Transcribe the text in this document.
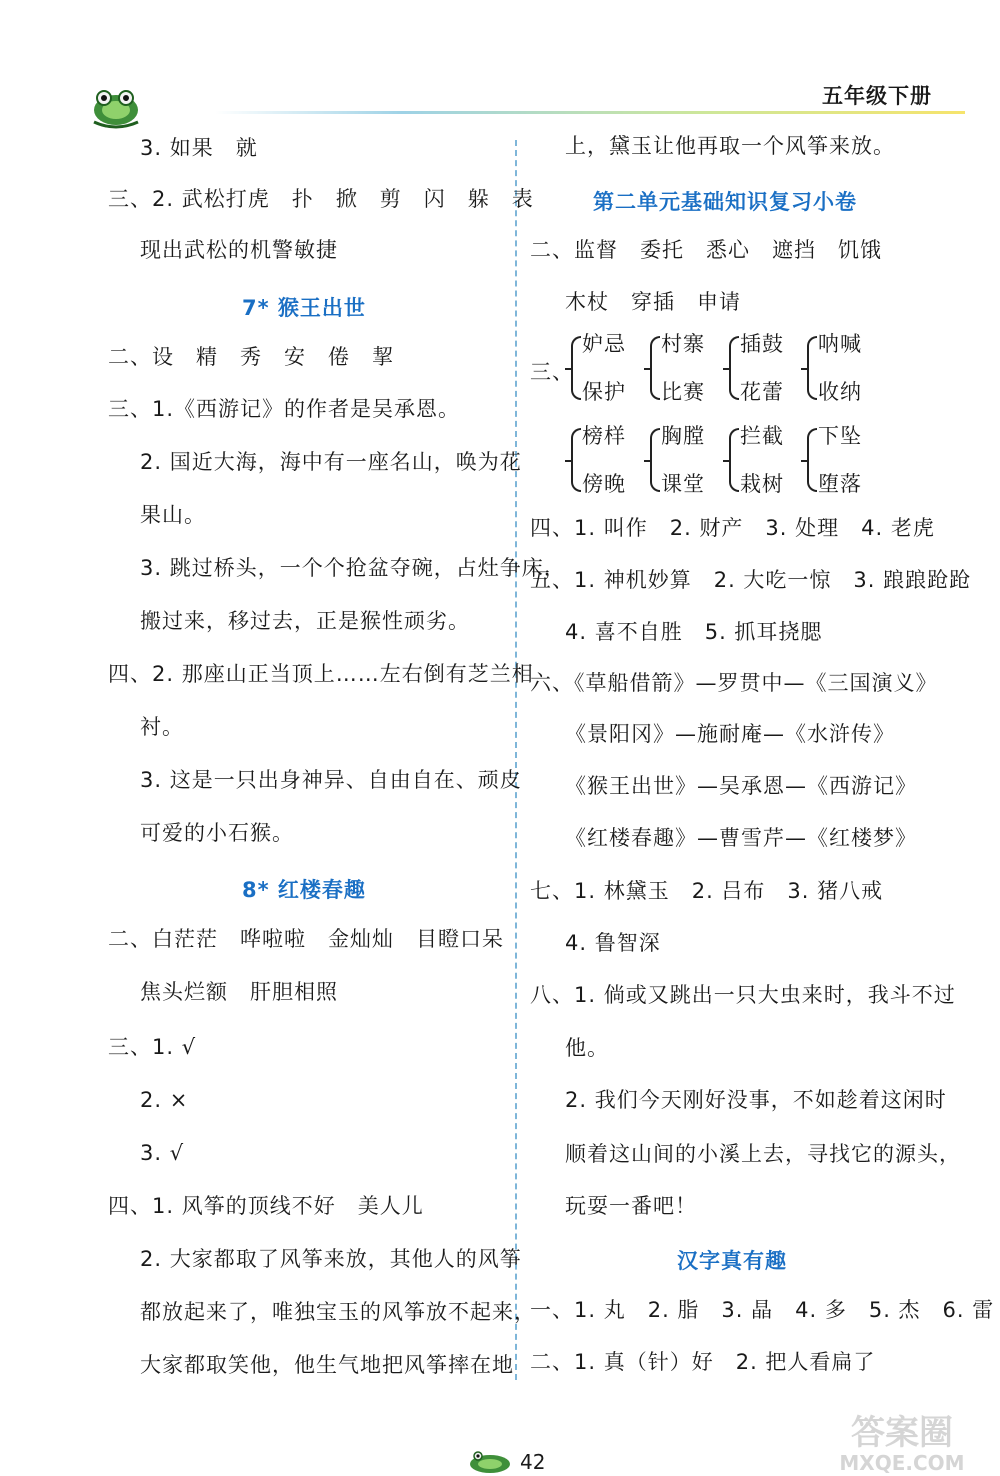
五年级下册
3. 如果　就
三、2. 武松打虎　扑　掀　剪　闪　躲　表
现出武松的机警敏捷
7* 猴王出世
二、设　精　秀　安　倦　挈
三、1.《西游记》的作者是吴承恩。
2. 国近大海，海中有一座名山，唤为花
果山。
3. 跳过桥头，一个个抢盆夺碗，占灶争床，
搬过来，移过去，正是猴性顽劣。
四、2. 那座山正当顶上……左右倒有芝兰相
衬。
3. 这是一只出身神异、自由自在、顽皮
可爱的小石猴。
8* 红楼春趣
二、白茫茫　哗啦啦　金灿灿　目瞪口呆
焦头烂额　肝胆相照
三、1. √
2. ×
3. √
四、1. 风筝的顶线不好　美人儿
2. 大家都取了风筝来放，其他人的风筝
都放起来了，唯独宝玉的风筝放不起来，
大家都取笑他，他生气地把风筝摔在地
上，黛玉让他再取一个风筝来放。
第二单元基础知识复习小卷
二、监督　委托　悉心　遮挡　饥饿
木杖　穿插　申请
三、
妒忌
保护
村寨
比赛
插鼓
花蕾
呐喊
收纳
榜样
傍晚
胸膛
课堂
拦截
栽树
下坠
堕落
四、1. 叫作　2. 财产　3. 处理　4. 老虎
五、1. 神机妙算　2. 大吃一惊　3. 踉踉跄跄
4. 喜不自胜　5. 抓耳挠腮
六、《草船借箭》—罗贯中—《三国演义》
《景阳冈》—施耐庵—《水浒传》
《猴王出世》—吴承恩—《西游记》
《红楼春趣》—曹雪芹—《红楼梦》
七、1. 林黛玉　2. 吕布　3. 猪八戒
4. 鲁智深
八、1. 倘或又跳出一只大虫来时，我斗不过
他。
2. 我们今天刚好没事，不如趁着这闲时
顺着这山间的小溪上去，寻找它的源头，
玩耍一番吧！
汉字真有趣
一、1. 丸　2. 脂　3. 晶　4. 多　5. 杰　6. 雷
二、1. 真（针）好　2. 把人看扁了
42
答案圈
MXQE.COM
